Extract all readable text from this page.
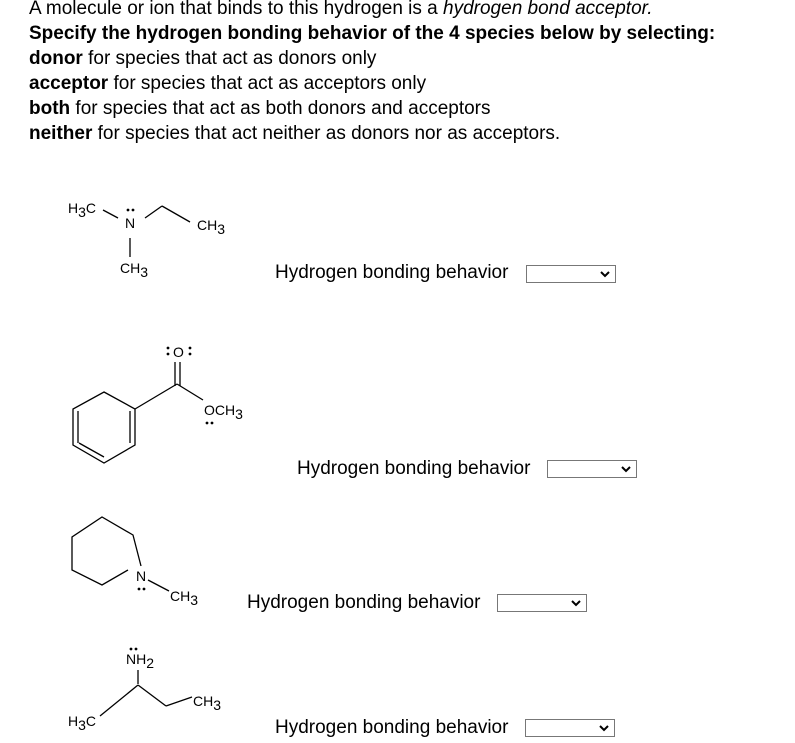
A molecule or ion that binds to this hydrogen is a hydrogen bond acceptor.
Specify the hydrogen bonding behavior of the 4 species below by selecting:
donor for species that act as donors only
acceptor for species that act as acceptors only
both for species that act as both donors and acceptors
neither for species that act neither as donors nor as acceptors.
H3C
N
CH3
CH3
O
OCH3
N
CH3
NH2
CH3
H3C
Hydrogen bonding behavior
Hydrogen bonding behavior
Hydrogen bonding behavior
Hydrogen bonding behavior
